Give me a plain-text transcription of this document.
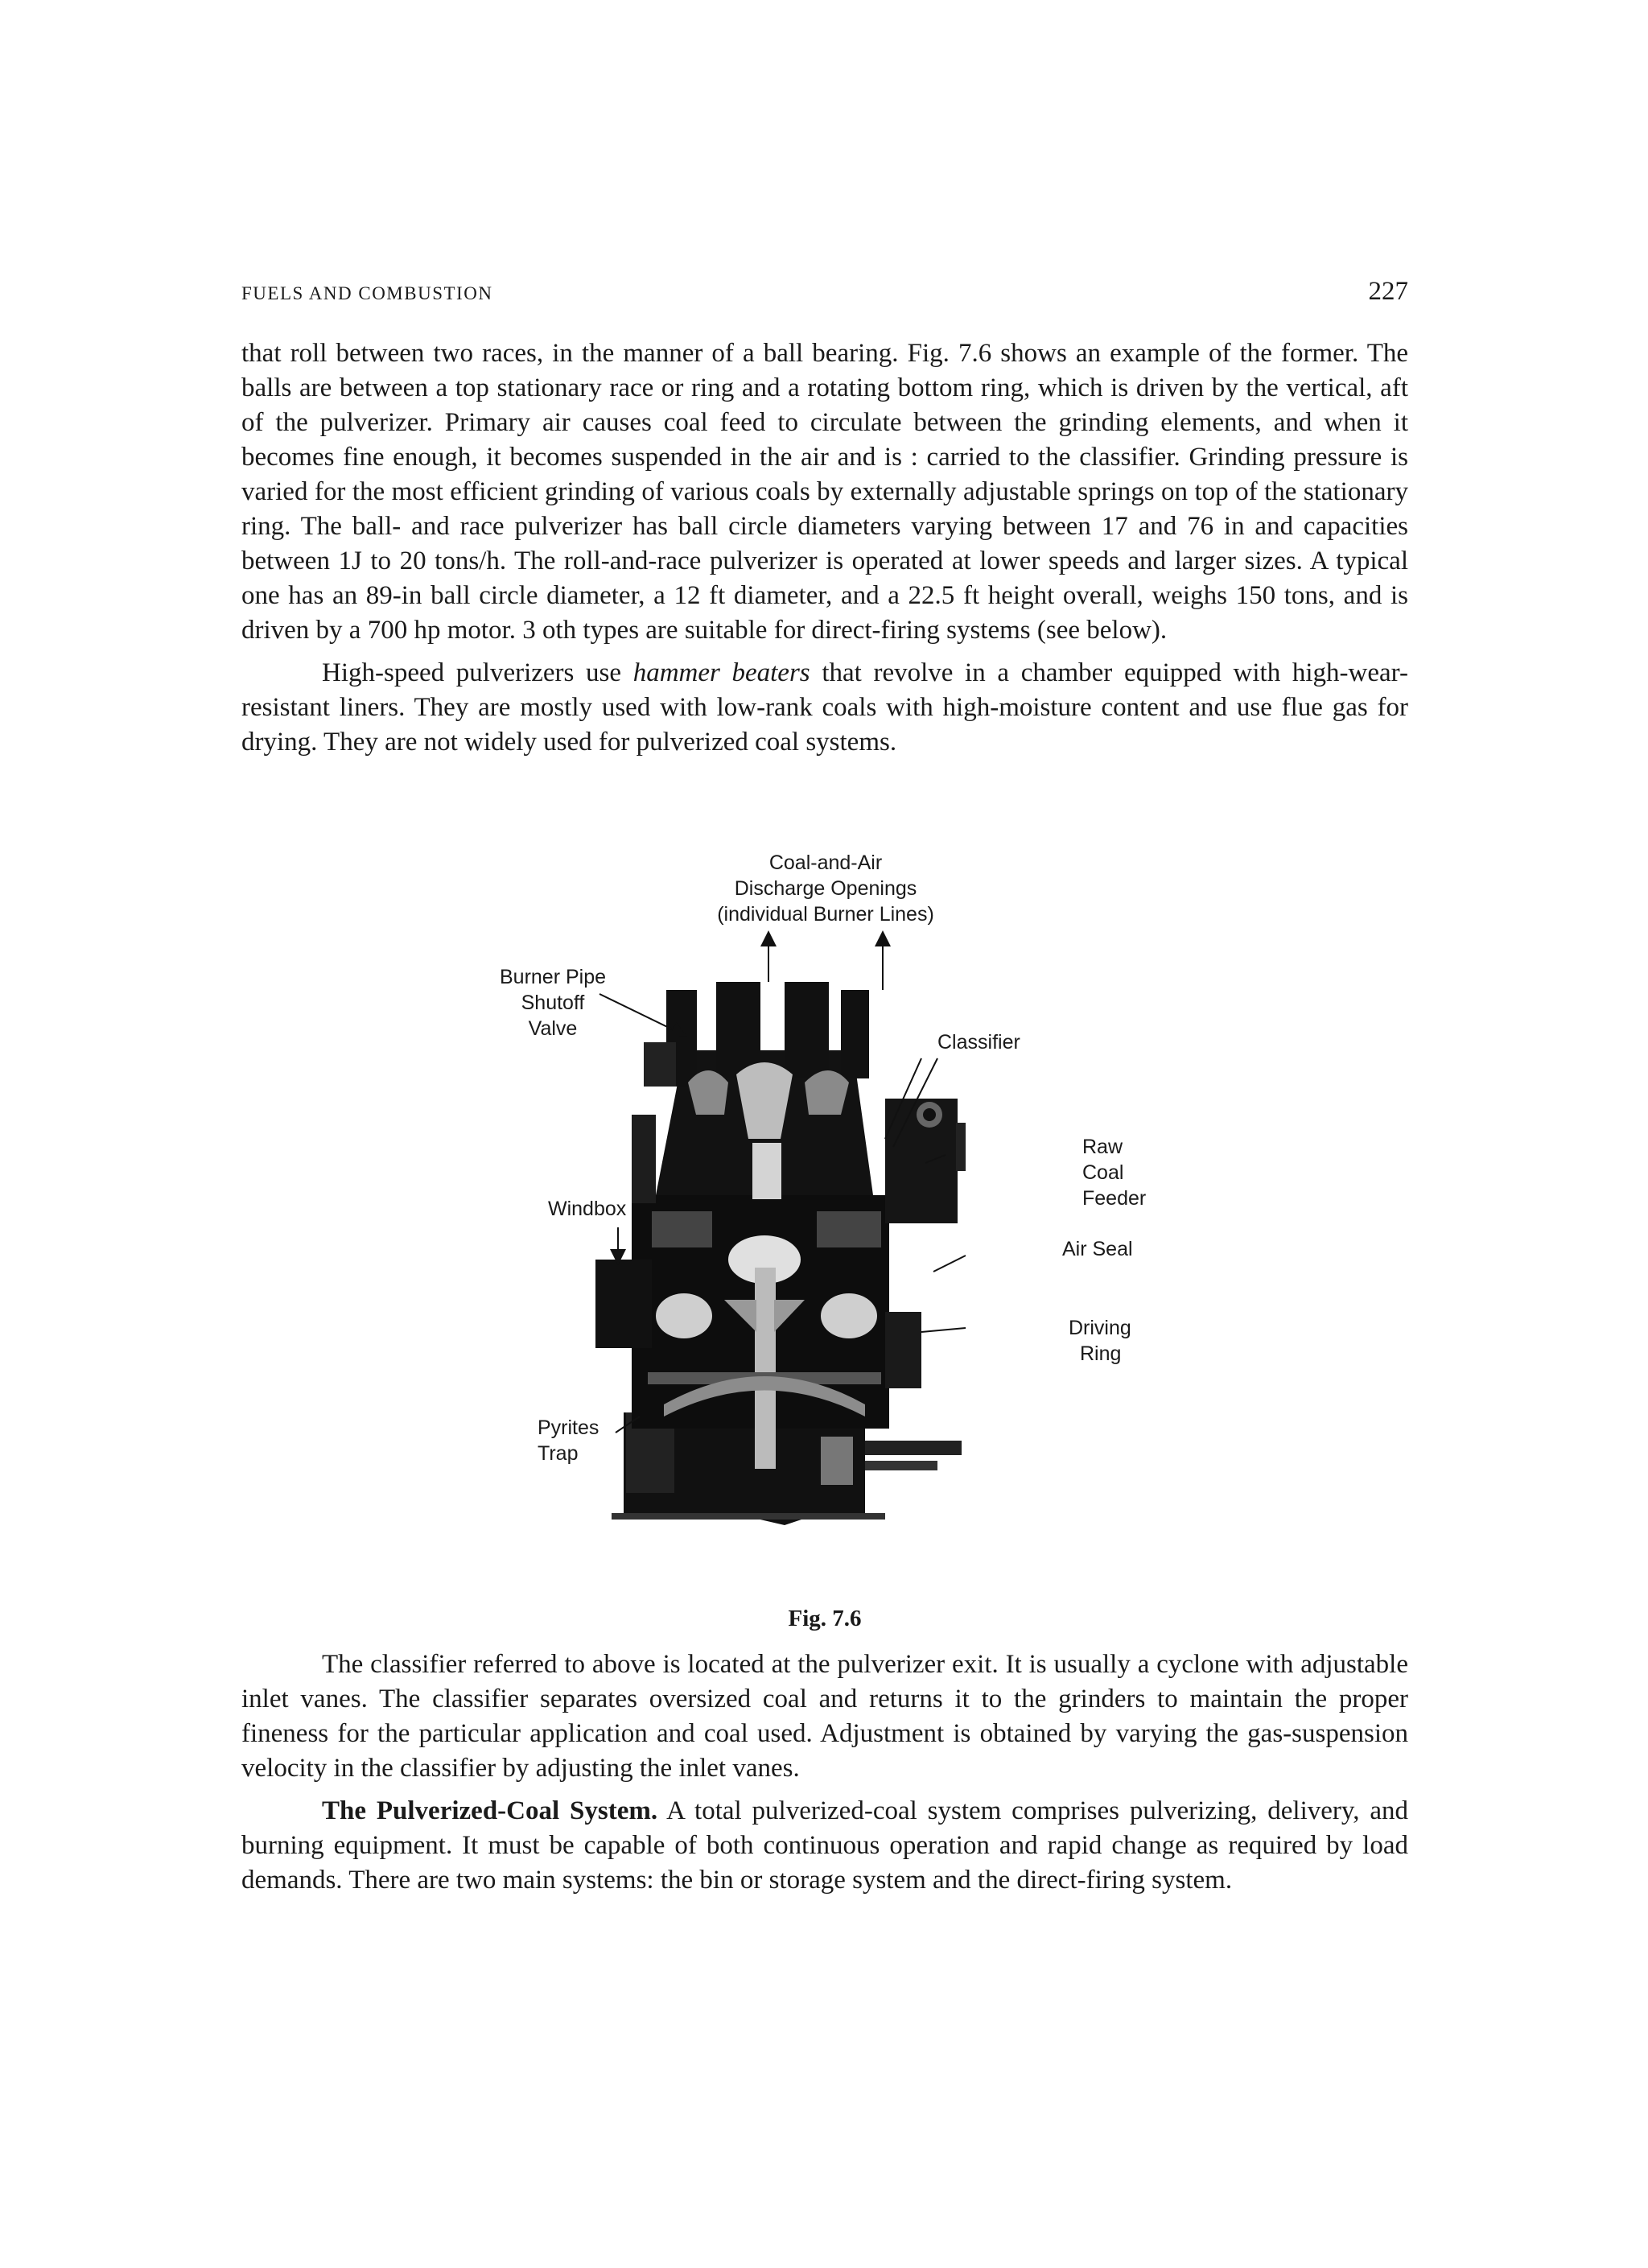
FUELS AND COMBUSTION	227

that roll between two races, in the manner of a ball bearing. Fig. 7.6 shows an example of the former. The balls are between a top stationary race or ring and a rotating bottom ring, which is driven by the vertical, aft of the pulverizer. Primary air causes coal feed to circulate between the grinding elements, and when it becomes fine enough, it becomes suspended in the air and is : carried to the classifier. Grinding pressure is varied for the most efficient grinding of various coals by externally adjustable springs on top of the stationary ring. The ball- and race pulverizer has ball circle diameters varying between 17 and 76 in and capacities between 1J to 20 tons/h. The roll-and-race pulverizer is operated at lower speeds and larger sizes. A typical one has an 89-in ball circle diameter, a 12 ft diameter, and a 22.5 ft height overall, weighs 150 tons, and is driven by a 700 hp motor. 3 oth types are suitable for direct-firing systems (see below).

High-speed pulverizers use hammer beaters that revolve in a chamber equipped with high-wear-resistant liners. They are mostly used with low-rank coals with high-moisture content and use flue gas for drying. They are not widely used for pulverized coal systems.

Coal-and-Air
Discharge Openings
(individual Burner Lines)
Burner Pipe
Shutoff
Valve
Classifier
Raw
Coal
Feeder
Windbox
Air Seal
Driving
Ring
Pyrites
Trap
Fig. 7.6

The classifier referred to above is located at the pulverizer exit. It is usually a cyclone with adjustable inlet vanes. The classifier separates oversized coal and returns it to the grinders to maintain the proper fineness for the particular application and coal used. Adjustment is obtained by varying the gas-suspension velocity in the classifier by adjusting the inlet vanes.

The Pulverized-Coal System. A total pulverized-coal system comprises pulverizing, delivery, and burning equipment. It must be capable of both continuous operation and rapid change as required by load demands. There are two main systems: the bin or storage system and the direct-firing system.
